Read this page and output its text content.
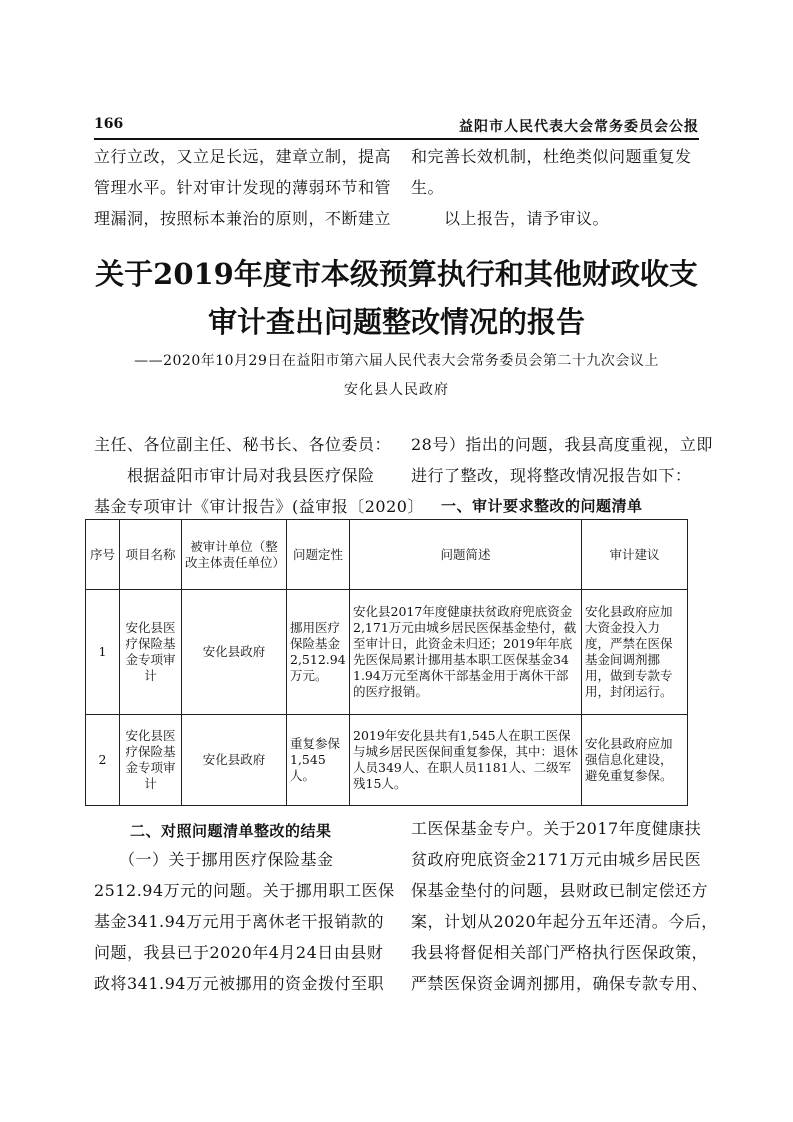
166	益阳市人民代表大会常务委员会公报
立行立改，又立足长远，建章立制，提高
管理水平。针对审计发现的薄弱环节和管
理漏洞，按照标本兼治的原则，不断建立
和完善长效机制，杜绝类似问题重复发
生。
　　以上报告，请予审议。
关于2019年度市本级预算执行和其他财政收支
审计查出问题整改情况的报告
——2020年10月29日在益阳市第六届人民代表大会常务委员会第二十九次会议上
安化县人民政府
主任、各位副主任、秘书长、各位委员：
　　根据益阳市审计局对我县医疗保险
基金专项审计《审计报告》(益审报〔2020〕
28号）指出的问题，我县高度重视，立即
进行了整改，现将整改情况报告如下：
一、审计要求整改的问题清单
序号	项目名称	被审计单位（整改主体责任单位）	问题定性	问题简述	审计建议
1	安化县医疗保险基金专项审计	安化县政府	挪用医疗保险基金2,512.94万元。	安化县2017年度健康扶贫政府兜底资金2,171万元由城乡居民医保基金垫付，截至审计日，此资金未归还；2019年年底先医保局累计挪用基本职工医保基金341.94万元至离休干部基金用于离休干部的医疗报销。	安化县政府应加大资金投入力度，严禁在医保基金间调剂挪用，做到专款专用，封闭运行。
2	安化县医疗保险基金专项审计	安化县政府	重复参保1,545人。	2019年安化县共有1,545人在职工医保与城乡居民医保间重复参保，其中：退休人员349人、在职人员1181人、二级军残15人。	安化县政府应加强信息化建设，避免重复参保。
二、对照问题清单整改的结果
　　（一）关于挪用医疗保险基金
2512.94万元的问题。关于挪用职工医保
基金341.94万元用于离休老干报销款的
问题，我县已于2020年4月24日由县财
政将341.94万元被挪用的资金拨付至职
工医保基金专户。关于2017年度健康扶
贫政府兜底资金2171万元由城乡居民医
保基金垫付的问题，县财政已制定偿还方
案，计划从2020年起分五年还清。今后，
我县将督促相关部门严格执行医保政策，
严禁医保资金调剂挪用，确保专款专用、
